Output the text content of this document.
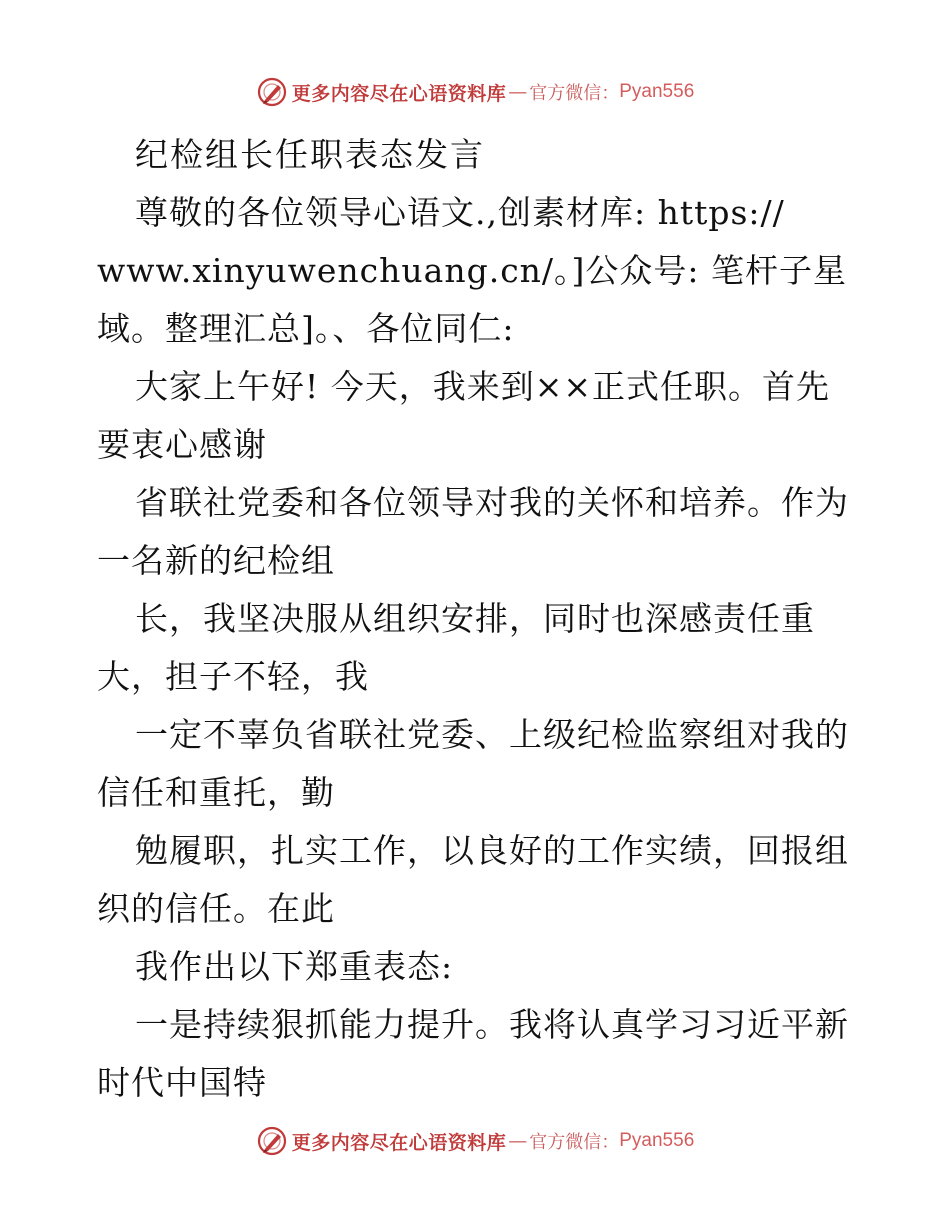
更多内容尽在心语资料库 — 官方微信： Pyan556

纪检组长任职表态发言

尊敬的各位领导心语文.,创素材库: https://
www.xinyuwenchuang.cn/。]公众号: 笔杆子星
域。整理汇总]。、各位同仁:

大家上午好! 今天，我来到××正式任职。首先
要衷心感谢

省联社党委和各位领导对我的关怀和培养。作为
一名新的纪检组

长，我坚决服从组织安排，同时也深感责任重
大，担子不轻，我

一定不辜负省联社党委、上级纪检监察组对我的
信任和重托，勤

勉履职，扎实工作，以良好的工作实绩，回报组
织的信任。在此

我作出以下郑重表态:

一是持续狠抓能力提升。我将认真学习习近平新
时代中国特

更多内容尽在心语资料库 — 官方微信： Pyan556
